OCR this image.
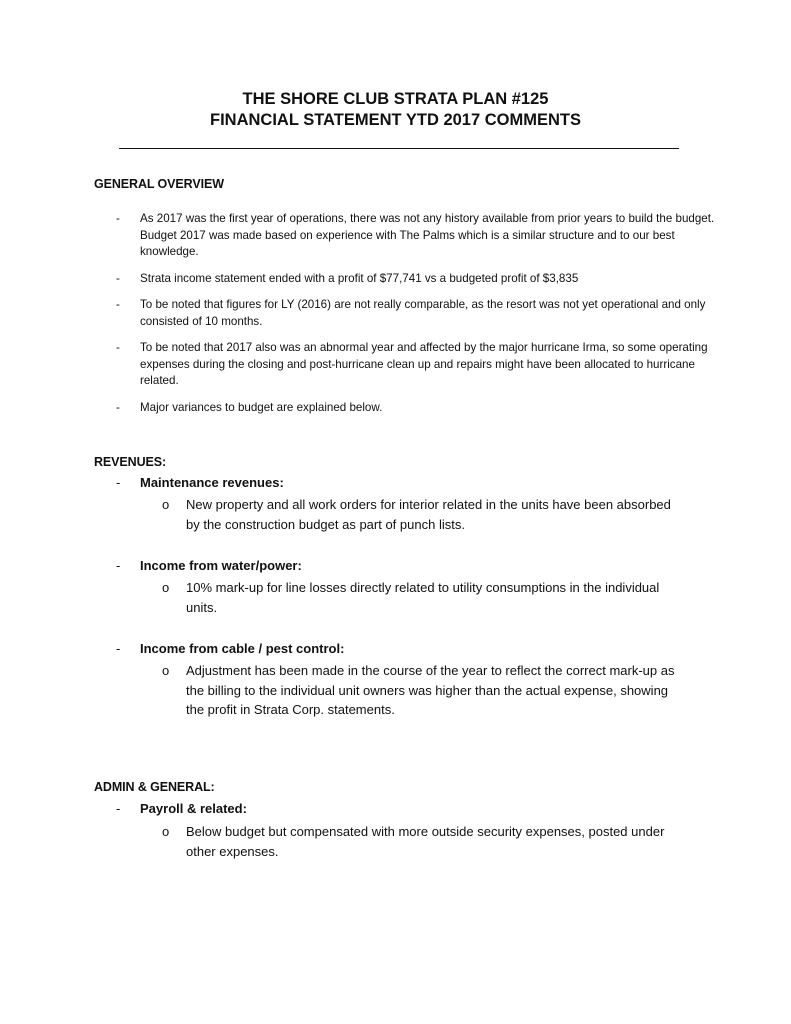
THE SHORE CLUB STRATA PLAN #125
FINANCIAL STATEMENT YTD 2017 COMMENTS
GENERAL OVERVIEW
- As 2017 was the first year of operations, there was not any history available from prior years to build the budget. Budget 2017 was made based on experience with The Palms which is a similar structure and to our best knowledge.
- Strata income statement ended with a profit of $77,741 vs a budgeted profit of $3,835
- To be noted that figures for LY (2016) are not really comparable, as the resort was not yet operational and only consisted of 10 months.
- To be noted that 2017 also was an abnormal year and affected by the major hurricane Irma, so some operating expenses during the closing and post-hurricane clean up and repairs might have been allocated to hurricane related.
- Major variances to budget are explained below.
REVENUES:
- Maintenance revenues:
o New property and all work orders for interior related in the units have been absorbed by the construction budget as part of punch lists.
- Income from water/power:
o 10% mark-up for line losses directly related to utility consumptions in the individual units.
- Income from cable / pest control:
o Adjustment has been made in the course of the year to reflect the correct mark-up as the billing to the individual unit owners was higher than the actual expense, showing the profit in Strata Corp. statements.
ADMIN & GENERAL:
- Payroll & related:
o Below budget but compensated with more outside security expenses, posted under other expenses.
